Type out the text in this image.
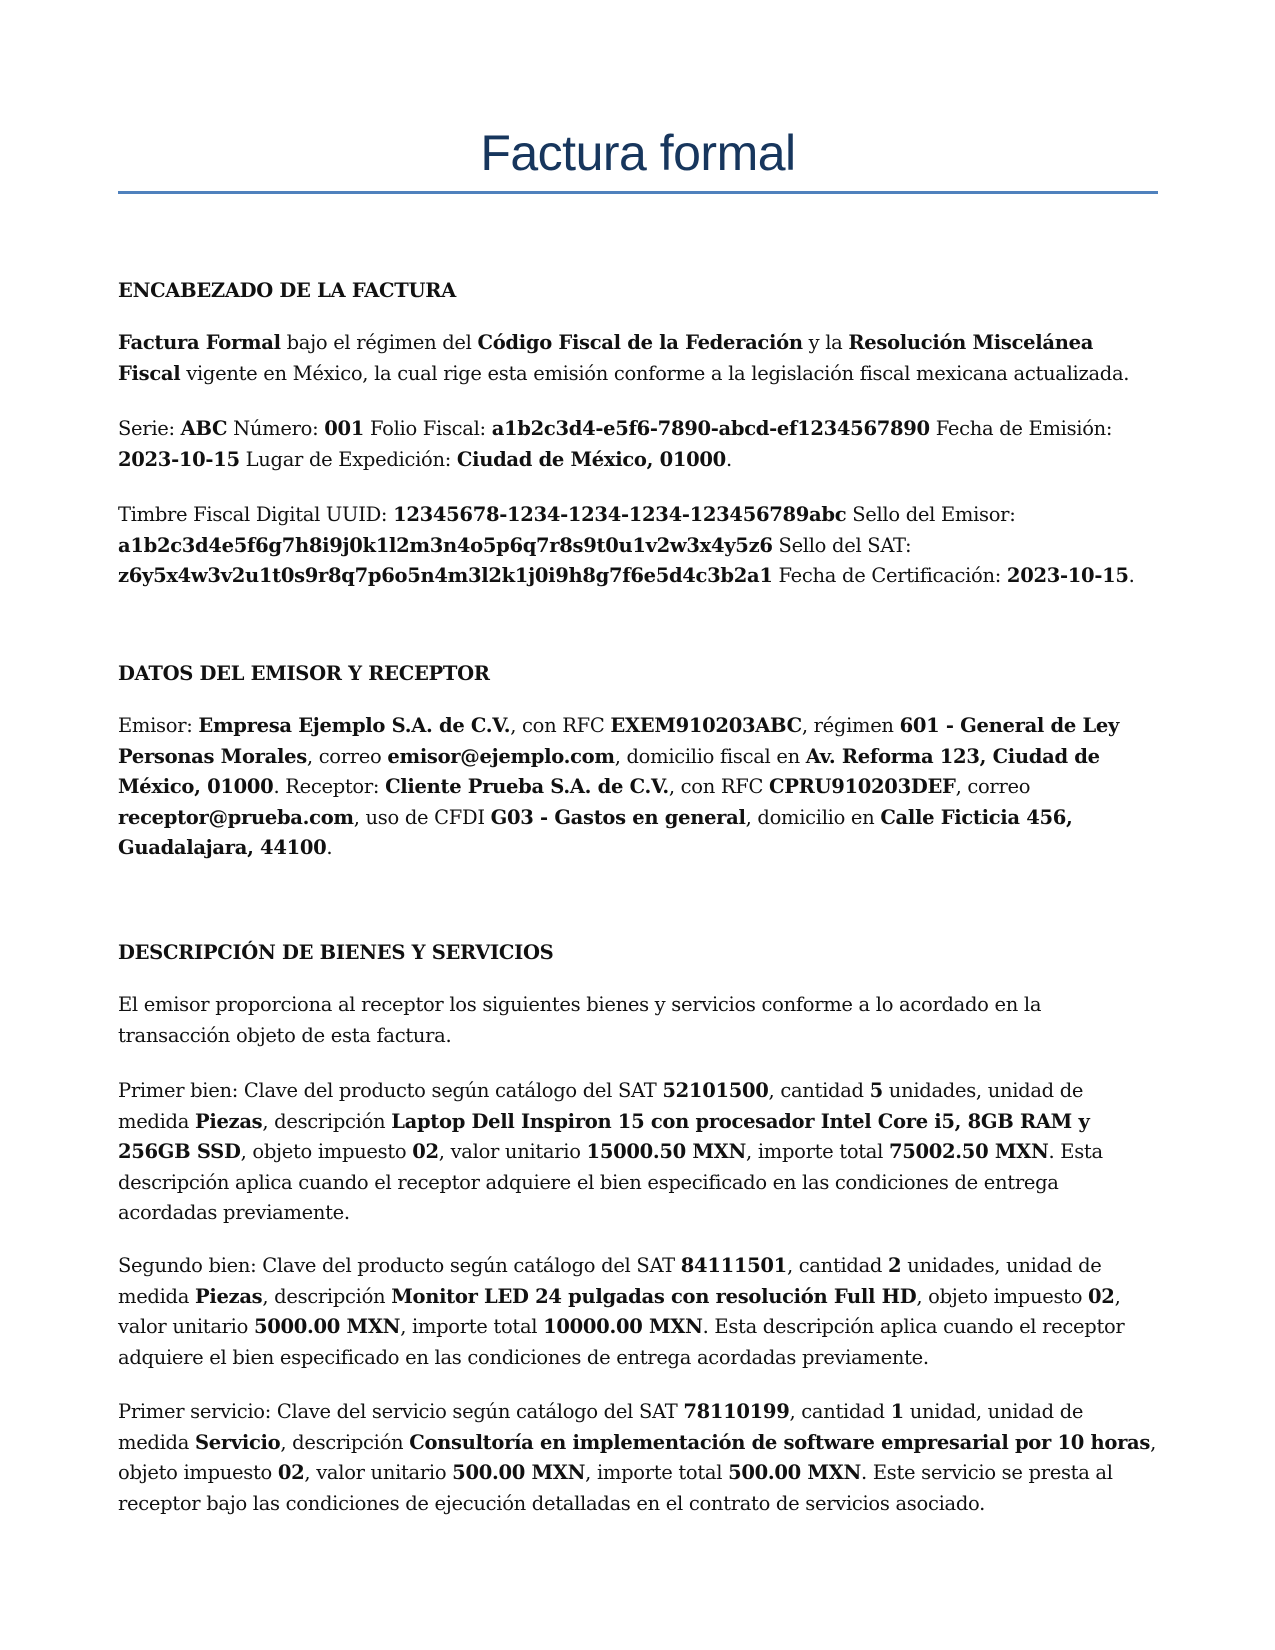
Factura formal
ENCABEZADO DE LA FACTURA

Factura Formal bajo el régimen del Código Fiscal de la Federación y la Resolución Miscelánea Fiscal vigente en México, la cual rige esta emisión conforme a la legislación fiscal mexicana actualizada.

Serie: ABC Número: 001 Folio Fiscal: a1b2c3d4-e5f6-7890-abcd-ef1234567890 Fecha de Emisión: 2023-10-15 Lugar de Expedición: Ciudad de México, 01000.

Timbre Fiscal Digital UUID: 12345678-1234-1234-1234-123456789abc Sello del Emisor:
a1b2c3d4e5f6g7h8i9j0k1l2m3n4o5p6q7r8s9t0u1v2w3x4y5z6 Sello del SAT:
z6y5x4w3v2u1t0s9r8q7p6o5n4m3l2k1j0i9h8g7f6e5d4c3b2a1 Fecha de Certificación: 2023-10-15.

DATOS DEL EMISOR Y RECEPTOR

Emisor: Empresa Ejemplo S.A. de C.V., con RFC EXEM910203ABC, régimen 601 - General de Ley Personas Morales, correo emisor@ejemplo.com, domicilio fiscal en Av. Reforma 123, Ciudad de México, 01000. Receptor: Cliente Prueba S.A. de C.V., con RFC CPRU910203DEF, correo receptor@prueba.com, uso de CFDI G03 - Gastos en general, domicilio en Calle Ficticia 456, Guadalajara, 44100.

DESCRIPCIÓN DE BIENES Y SERVICIOS

El emisor proporciona al receptor los siguientes bienes y servicios conforme a lo acordado en la transacción objeto de esta factura.

Primer bien: Clave del producto según catálogo del SAT 52101500, cantidad 5 unidades, unidad de medida Piezas, descripción Laptop Dell Inspiron 15 con procesador Intel Core i5, 8GB RAM y 256GB SSD, objeto impuesto 02, valor unitario 15000.50 MXN, importe total 75002.50 MXN. Esta descripción aplica cuando el receptor adquiere el bien especificado en las condiciones de entrega acordadas previamente.

Segundo bien: Clave del producto según catálogo del SAT 84111501, cantidad 2 unidades, unidad de medida Piezas, descripción Monitor LED 24 pulgadas con resolución Full HD, objeto impuesto 02, valor unitario 5000.00 MXN, importe total 10000.00 MXN. Esta descripción aplica cuando el receptor adquiere el bien especificado en las condiciones de entrega acordadas previamente.

Primer servicio: Clave del servicio según catálogo del SAT 78110199, cantidad 1 unidad, unidad de medida Servicio, descripción Consultoría en implementación de software empresarial por 10 horas, objeto impuesto 02, valor unitario 500.00 MXN, importe total 500.00 MXN. Este servicio se presta al receptor bajo las condiciones de ejecución detalladas en el contrato de servicios asociado.
